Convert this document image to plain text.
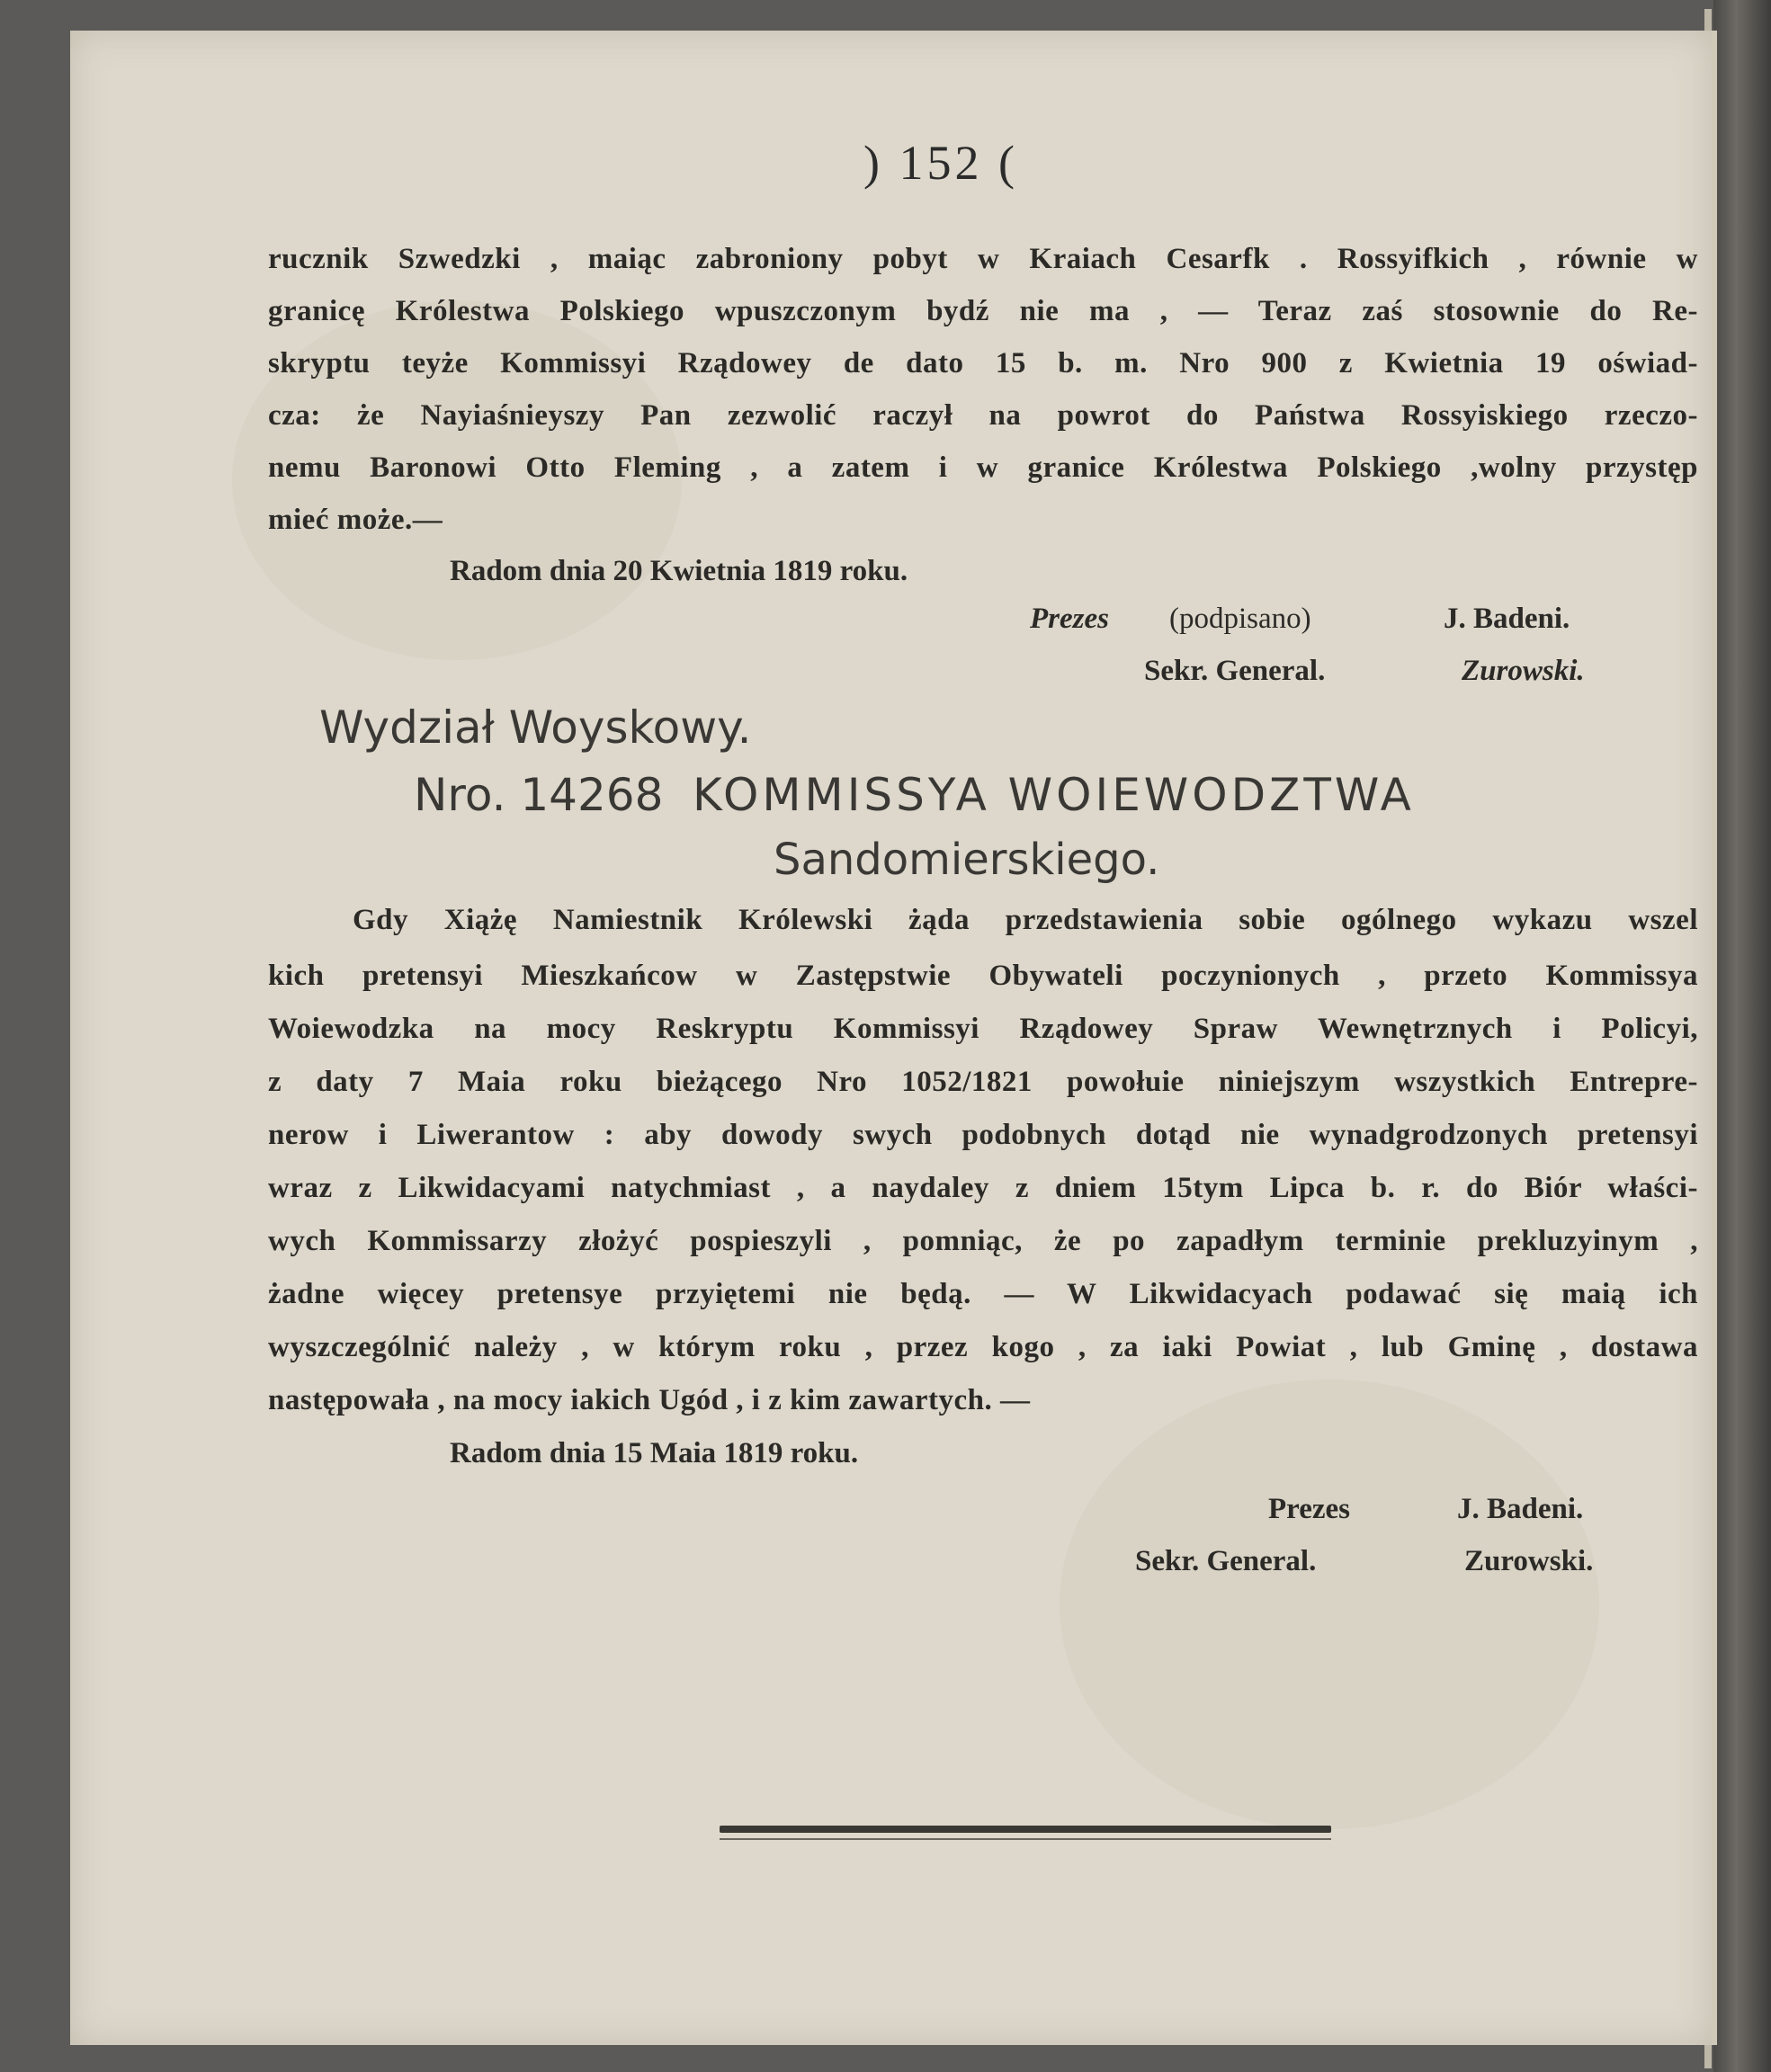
) 152 (
rucznik Szwedzki , maiąc zabroniony pobyt w Kraiach Cesarfk . Rossyifkich , równie w
granicę Królestwa Polskiego wpuszczonym bydź nie ma , — Teraz zaś stosownie do Re-
skryptu teyże Kommissyi Rządowey de dato 15 b. m. Nro 900 z Kwietnia 19 oświad-
cza: że Nayiaśnieyszy Pan zezwolić raczył na powrot do Państwa Rossyiskiego rzeczo-
nemu Baronowi Otto Fleming , a zatem i w granice Królestwa Polskiego ,wolny przystęp
mieć może.—
Radom dnia 20 Kwietnia 1819 roku.
Prezes (podpisano)	J. Badeni.
Sekr. General.	Zurowski.
Wydział Woyskowy.
Nro. 14268 KOMMISSYA WOIEWODZTWA
Sandomierskiego.
Gdy Xiążę Namiestnik Królewski żąda przedstawienia sobie ogólnego wykazu wszel
kich pretensyi Mieszkańcow w Zastępstwie Obywateli poczynionych , przeto Kommissya
Woiewodzka na mocy Reskryptu Kommissyi Rządowey Spraw Wewnętrznych i Policyi,
z daty 7 Maia roku bieżącego Nro 1052/1821 powołuie niniejszym wszystkich Entrepre-
nerow i Liwerantow : aby dowody swych podobnych dotąd nie wynadgrodzonych pretensyi
wraz z Likwidacyami natychmiast , a naydaley z dniem 15tym Lipca b. r. do Biór właści-
wych Kommissarzy złożyć pospieszyli , pomniąc, że po zapadłym terminie prekluzyinym ,
żadne więcey pretensye przyiętemi nie będą. — W Likwidacyach podawać się maią ich
wyszczególnić należy , w którym roku , przez kogo , za iaki Powiat , lub Gminę , dostawa
następowała , na mocy iakich Ugód , i z kim zawartych. —
Radom dnia 15 Maia 1819 roku.
Prezes	J. Badeni.
Sekr. General.	Zurowski.
